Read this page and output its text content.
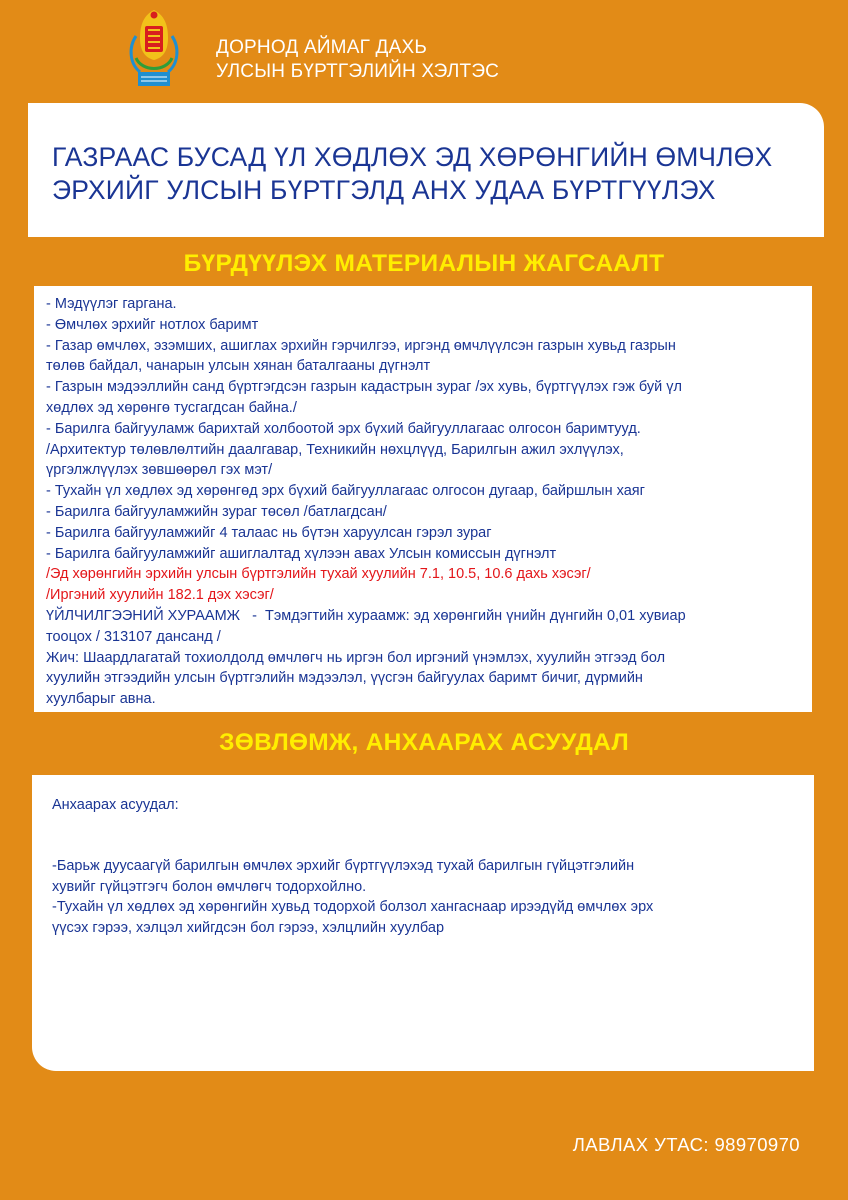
ДОРНОД АЙМАГ ДАХЬ
УЛСЫН БҮРТГЭЛИЙН ХЭЛТЭС
ГАЗРААС БУСАД ҮЛ ХӨДЛӨХ ЭД ХӨРӨНГИЙН ӨМЧЛӨХ
ЭРХИЙГ УЛСЫН БҮРТГЭЛД АНХ УДАА БҮРТГҮҮЛЭХ
БҮРДҮҮЛЭХ МАТЕРИАЛЫН ЖАГСААЛТ
- Мэдүүлэг гаргана.
- Өмчлөх эрхийг нотлох баримт
- Газар өмчлөх, эзэмших, ашиглах эрхийн гэрчилгээ, иргэнд өмчлүүлсэн газрын хувьд газрын
төлөв байдал, чанарын улсын хянан баталгааны дүгнэлт
- Газрын мэдээллийн санд бүртгэгдсэн газрын кадастрын зураг /эх хувь, бүртгүүлэх гэж буй үл
хөдлөх эд хөрөнгө тусгагдсан байна./
- Барилга байгууламж барихтай холбоотой эрх бүхий байгууллагаас олгосон баримтууд.
/Архитектур төлөвлөлтийн даалгавар, Техникийн нөхцлүүд, Барилгын ажил эхлүүлэх,
үргэлжлүүлэх зөвшөөрөл гэх мэт/
- Тухайн үл хөдлөх эд хөрөнгөд эрх бүхий байгууллагаас олгосон дугаар, байршлын хаяг
- Барилга байгууламжийн зураг төсөл /батлагдсан/
- Барилга байгууламжийг 4 талаас нь бүтэн харуулсан гэрэл зураг
- Барилга байгууламжийг ашиглалтад хүлээн авах Улсын комиссын дүгнэлт
/Эд хөрөнгийн эрхийн улсын бүртгэлийн тухай хуулийн 7.1, 10.5, 10.6 дахь хэсэг/
/Иргэний хуулийн 182.1 дэх хэсэг/
ҮЙЛЧИЛГЭЭНИЙ ХУРААМЖ   -  Тэмдэгтийн хураамж: эд хөрөнгийн үнийн дүнгийн 0,01 хувиар
тооцох / 313107 дансанд /
Жич: Шаардлагатай тохиолдолд өмчлөгч нь иргэн бол иргэний үнэмлэх, хуулийн этгээд бол
хуулийн этгээдийн улсын бүртгэлийн мэдээлэл, үүсгэн байгуулах баримт бичиг, дүрмийн
хуулбарыг авна.
ЗӨВЛӨМЖ, АНХААРАХ АСУУДАЛ
Анхаарах асуудал:
-Барьж дуусаагүй барилгын өмчлөх эрхийг бүртгүүлэхэд тухай барилгын гүйцэтгэлийн
хувийг гүйцэтгэгч болон өмчлөгч тодорхойлно.
-Тухайн үл хөдлөх эд хөрөнгийн хувьд тодорхой болзол хангаснаар ирээдүйд өмчлөх эрх
үүсэх гэрээ, хэлцэл хийгдсэн бол гэрээ, хэлцлийн хуулбар
ЛАВЛАХ УТАС: 98970970
